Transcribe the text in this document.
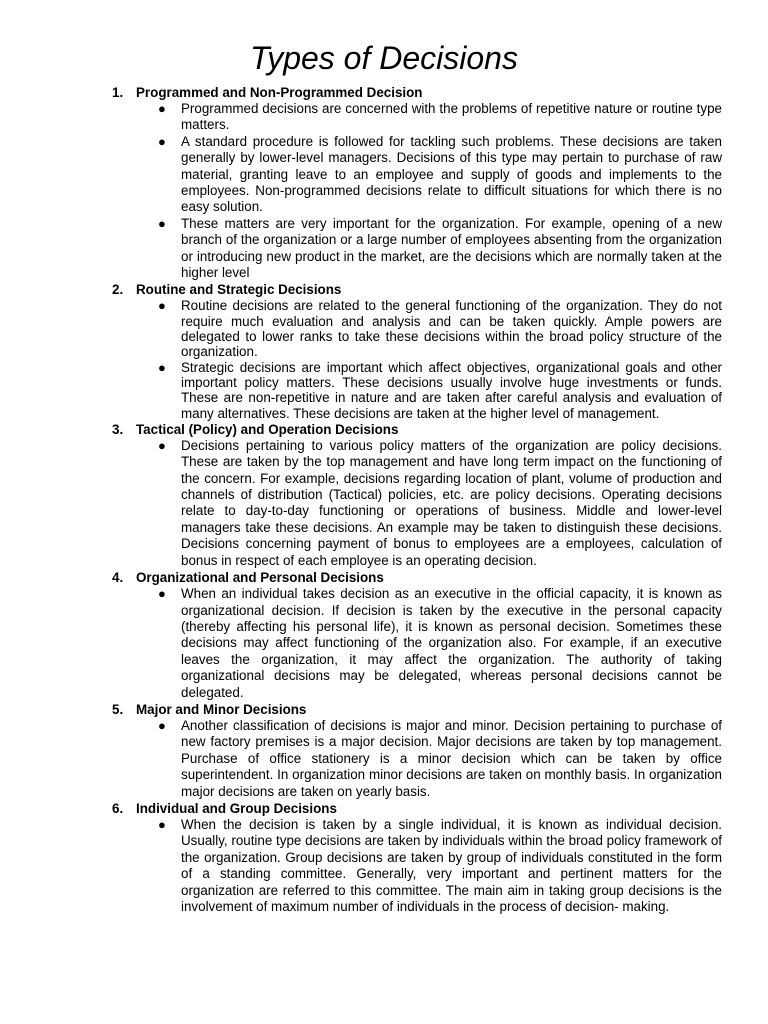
Types of Decisions
1. Programmed and Non-Programmed Decision
● Programmed decisions are concerned with the problems of repetitive nature or routine type matters.
● A standard procedure is followed for tackling such problems. These decisions are taken generally by lower-level managers. Decisions of this type may pertain to purchase of raw material, granting leave to an employee and supply of goods and implements to the employees. Non-programmed decisions relate to difficult situations for which there is no easy solution.
● These matters are very important for the organization. For example, opening of a new branch of the organization or a large number of employees absenting from the organization or introducing new product in the market, are the decisions which are normally taken at the higher level
2. Routine and Strategic Decisions
● Routine decisions are related to the general functioning of the organization. They do not require much evaluation and analysis and can be taken quickly. Ample powers are delegated to lower ranks to take these decisions within the broad policy structure of the organization.
● Strategic decisions are important which affect objectives, organizational goals and other important policy matters. These decisions usually involve huge investments or funds. These are non-repetitive in nature and are taken after careful analysis and evaluation of many alternatives. These decisions are taken at the higher level of management.
3. Tactical (Policy) and Operation Decisions
● Decisions pertaining to various policy matters of the organization are policy decisions. These are taken by the top management and have long term impact on the functioning of the concern. For example, decisions regarding location of plant, volume of production and channels of distribution (Tactical) policies, etc. are policy decisions. Operating decisions relate to day-to-day functioning or operations of business. Middle and lower-level managers take these decisions. An example may be taken to distinguish these decisions. Decisions concerning payment of bonus to employees are a employees, calculation of bonus in respect of each employee is an operating decision.
4. Organizational and Personal Decisions
● When an individual takes decision as an executive in the official capacity, it is known as organizational decision. If decision is taken by the executive in the personal capacity (thereby affecting his personal life), it is known as personal decision. Sometimes these decisions may affect functioning of the organization also. For example, if an executive leaves the organization, it may affect the organization. The authority of taking organizational decisions may be delegated, whereas personal decisions cannot be delegated.
5. Major and Minor Decisions
● Another classification of decisions is major and minor. Decision pertaining to purchase of new factory premises is a major decision. Major decisions are taken by top management. Purchase of office stationery is a minor decision which can be taken by office superintendent. In organization minor decisions are taken on monthly basis. In organization major decisions are taken on yearly basis.
6. Individual and Group Decisions
● When the decision is taken by a single individual, it is known as individual decision. Usually, routine type decisions are taken by individuals within the broad policy framework of the organization. Group decisions are taken by group of individuals constituted in the form of a standing committee. Generally, very important and pertinent matters for the organization are referred to this committee. The main aim in taking group decisions is the involvement of maximum number of individuals in the process of decision- making.
